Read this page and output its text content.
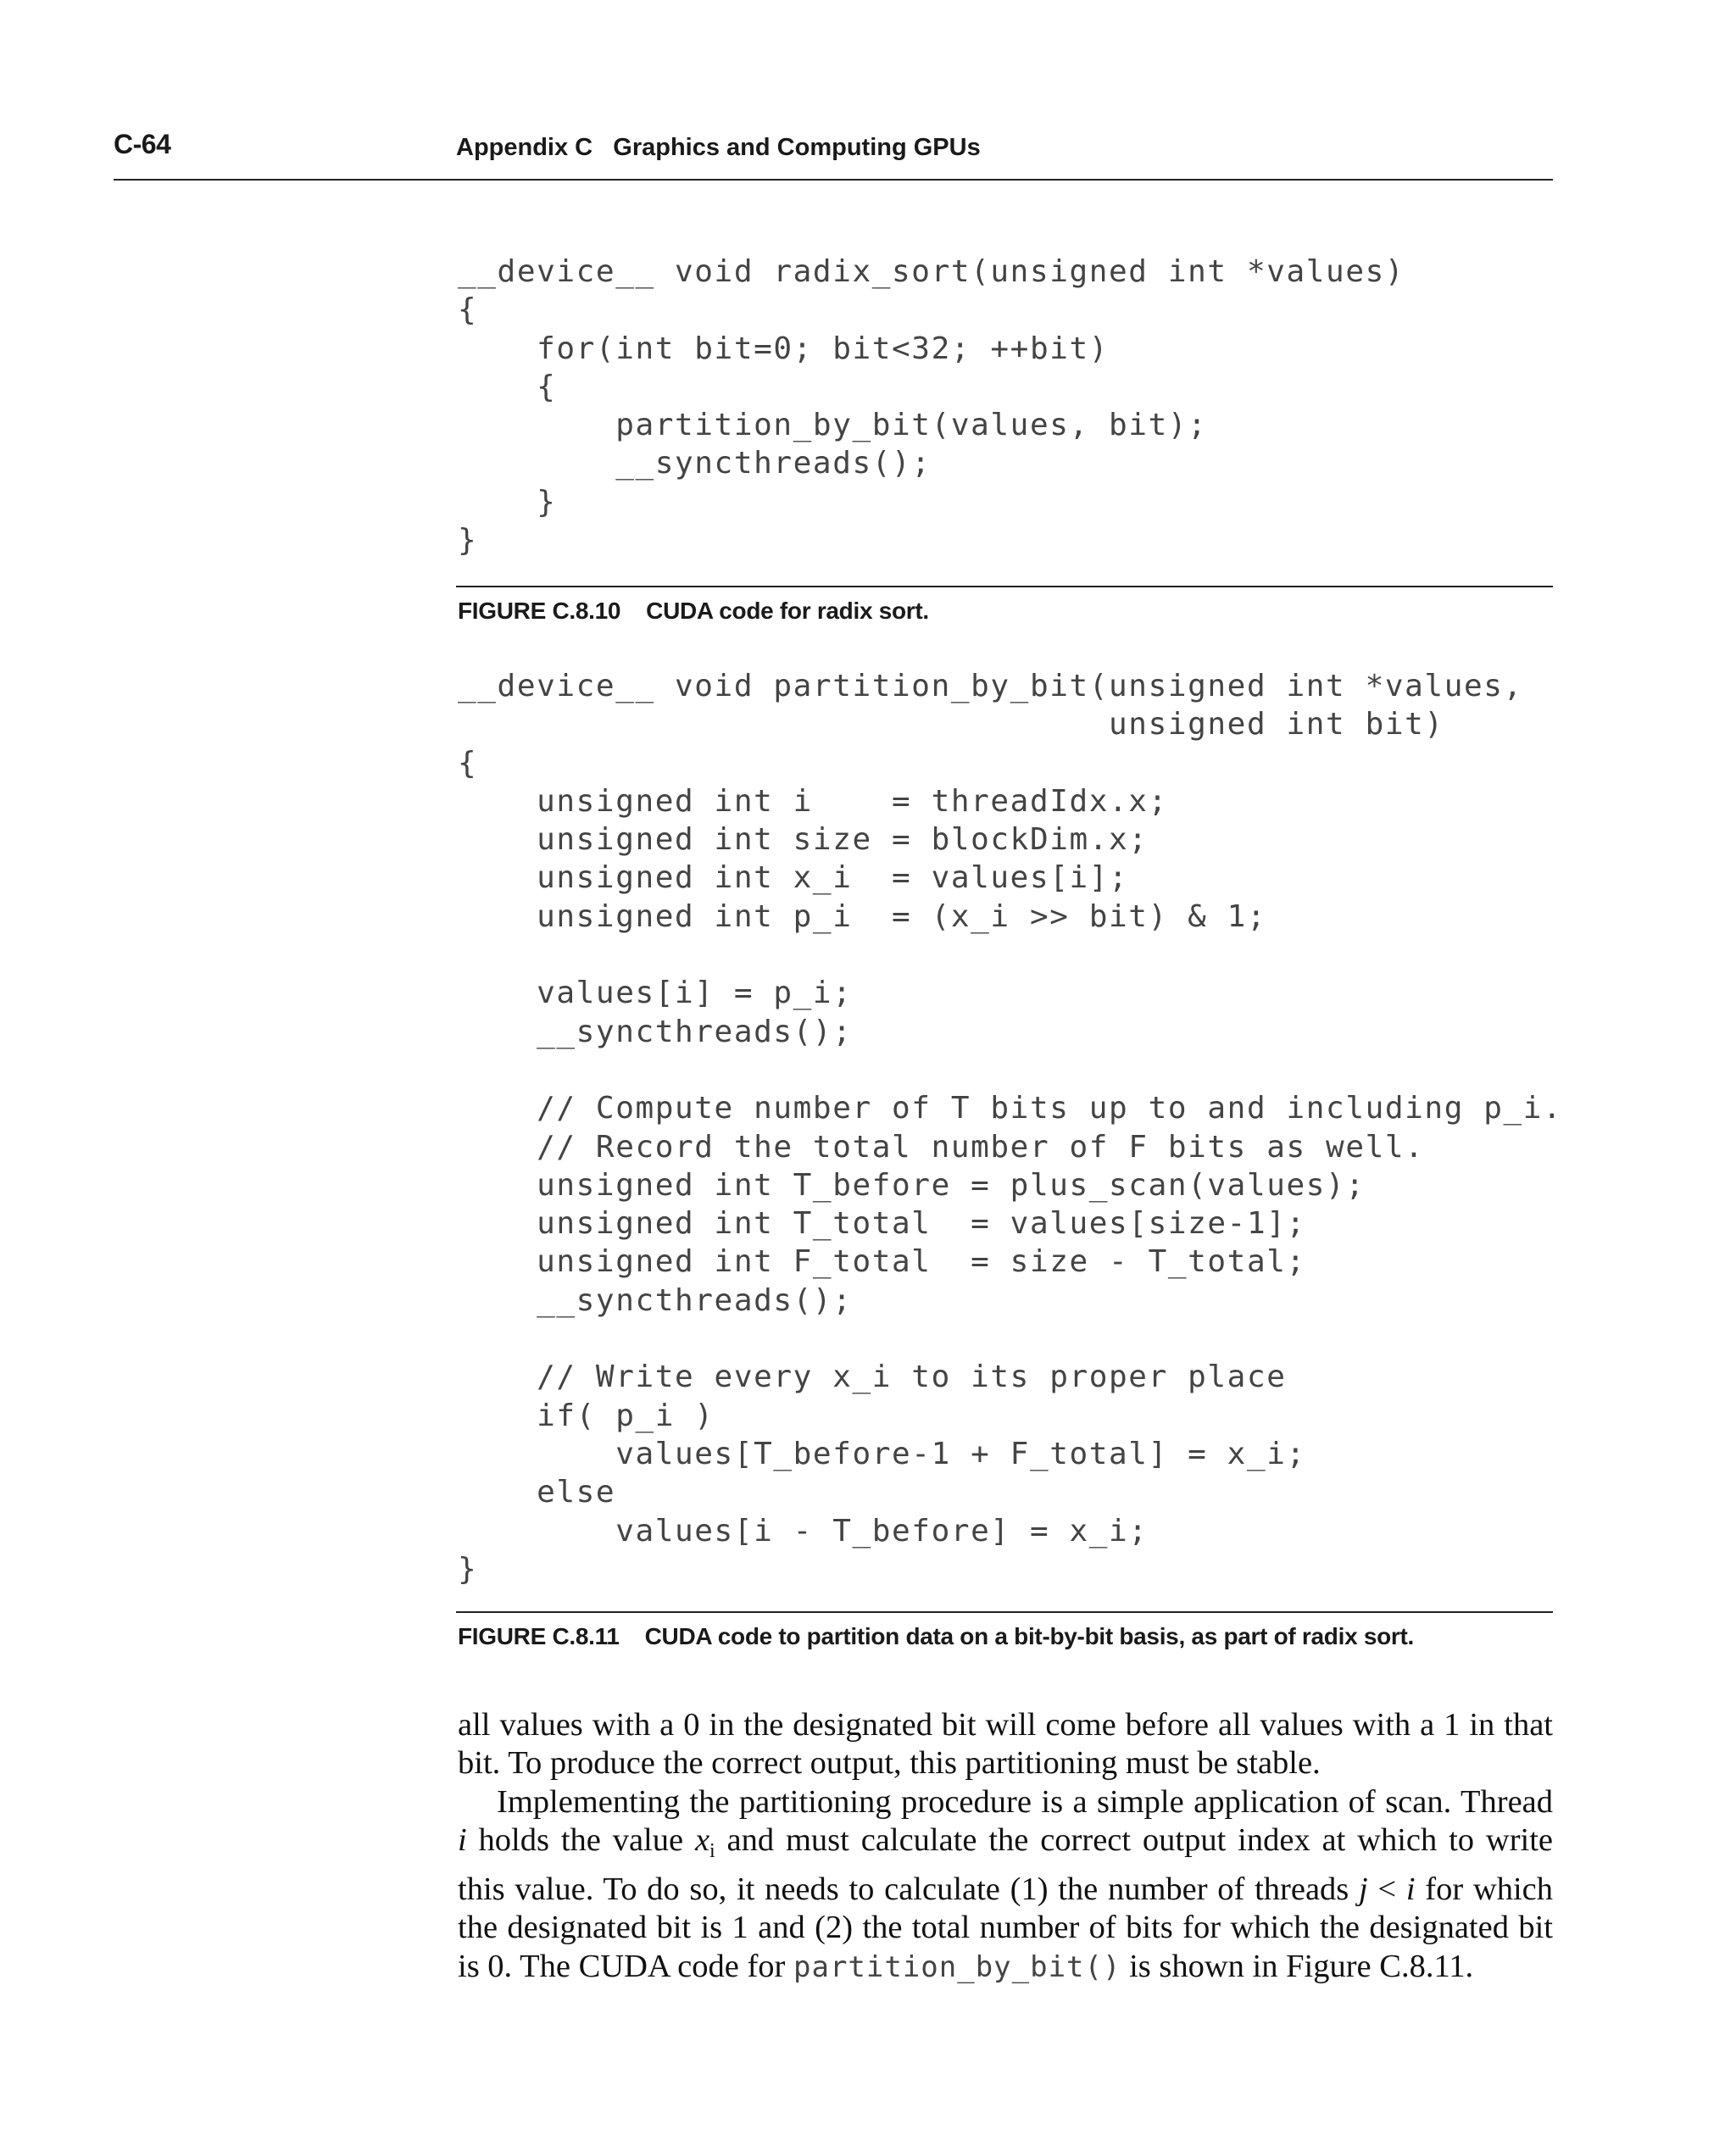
C-64	Appendix C   Graphics and Computing GPUs

__device__ void radix_sort(unsigned int *values)
{
for(int bit=0; bit<32; ++bit)
{
partition_by_bit(values, bit);
__syncthreads();
}
}

FIGURE C.8.10 CUDA code for radix sort.

__device__ void partition_by_bit(unsigned int *values,
unsigned int bit)
{
unsigned int i    = threadIdx.x;
unsigned int size = blockDim.x;
unsigned int x_i  = values[i];
unsigned int p_i  = (x_i >> bit) & 1;

values[i] = p_i;
__syncthreads();

// Compute number of T bits up to and including p_i.
// Record the total number of F bits as well.
unsigned int T_before = plus_scan(values);
unsigned int T_total  = values[size-1];
unsigned int F_total  = size - T_total;
__syncthreads();

// Write every x_i to its proper place
if( p_i )
values[T_before-1 + F_total] = x_i;
else
values[i - T_before] = x_i;
}

FIGURE C.8.11 CUDA code to partition data on a bit-by-bit basis, as part of radix sort.

all values with a 0 in the designated bit will come before all values with a 1 in that bit. To produce the correct output, this partitioning must be stable.

Implementing the partitioning procedure is a simple application of scan. Thread i holds the value $x_i$ and must calculate the correct output index at which to write this value. To do so, it needs to calculate (1) the number of threads j < i for which the designated bit is 1 and (2) the total number of bits for which the designated bit is 0. The CUDA code for partition_by_bit() is shown in Figure C.8.11.
